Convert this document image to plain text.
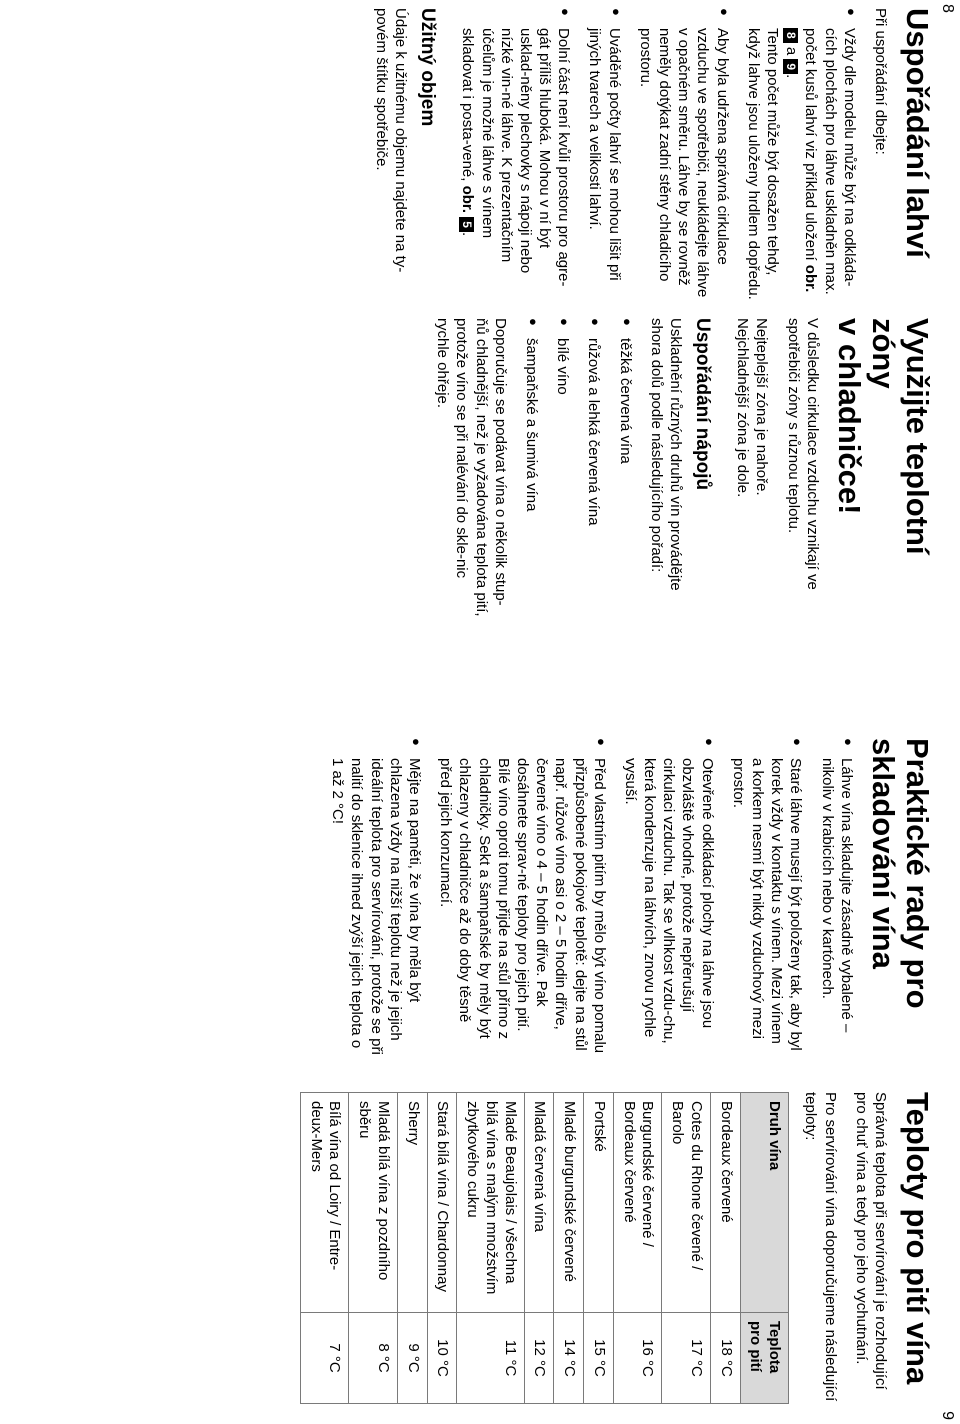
8
9
Uspořádání lahví

Při uspořádání dbejte:

● Vždy dle modelu může být na odkláda-cích plochách pro láhve uskladněn max. počet kusů lahví viz příklad uložení obr. 8 a 9.
Tento počet může být dosažen tehdy, když lahve jsou uloženy hrdlem dopředu.
● Aby byla udržena správná cirkulace vzduchu ve spotřebiči, neukládejte láhve v opačném směru. Láhve by se rovněž neměly dotýkat zadní stěny chladicího prostoru.
● Uváděné počty lahví se mohou lišit při jiných tvarech a velikosti lahví.
● Dolní část není kvůli prostoru pro agre-gát příliš hluboká. Mohou v ní být usklad-něny plechovky s nápoji nebo nízké vin-né láhve. K prezentačním účelům je možné láhve s vínem skladovat i posta-vené, obr. 5.
Užitný objem

Údaje k užitnému objemu najdete na ty-povém štítku spotřebiče.

Využijte teplotní zóny
v chladničce!

V důsledku cirkulace vzduchu vznikají ve spotřebiči zóny s různou teplotu.

Nejteplejší zóna je nahoře.
Nejchladnější zóna je dole.

Uspořádání nápojů

Uskladnění různých druhů vín provádějte shora dolů podle následujícího pořadí:

● těžká červená vína
● růžová a lehká červená vína
● bílé víno
● šampaňské a šumivá vína

Doporučuje se podávat vína o několik stup-ňů chladnější, než je vyžadována teplota pití, protože víno se při nalévání do skle-nic rychle ohřeje.

Praktické rady pro
skladování vína
● Láhve vína skladujte zásadně vybalené – nikoliv v krabicích nebo v kartónech.
● Staré láhve musejí být položeny tak, aby byl korek vždy v kontaktu s vínem. Mezi vínem a korkem nesmí být nikdy vzduchový mezi prostor.
● Otevřené odkládací plochy na láhve jsou obzvláště vhodné, protože nepřerušují cirkulaci vzduchu. Tak se vlhkost vzdu-chu, která kondenzuje na láhvích, znovu rychle vysuší.
● Před vlastním pitím by mělo být víno pomalu přizpůsobené pokojové teplotě: dejte na stůl např. růžové víno asi o 2 – 5 hodin dříve, červené víno o 4 – 5 hodin dříve. Pak dosáhnete sprav-né teploty pro jejich pití. Bílé víno oproti tomu přijde na stůl přímo z chladničky. Sekt a šampaňské by měly být chlazeny v chladničce až do doby těsně před jejich konzumací.
● Mějte na paměti, že vína by měla být chlazena vždy na nižší teplotu než je jejich ideální teplota pro servírování, protože se při nalití do sklenice ihned zvýší jejich teplota o 1 až 2 °C!
Teploty pro pití vína

Správná teplota při servírování je rozhodující pro chuť vína a tedy pro jeho vychutnání.

Pro servírování vína doporučujeme následující teploty:

Druh vína	Teplota pro pití
Bordeaux červené	18 °C
Cotes du Rhone čevené / Barolo	17 °C
Burgundské červené / Bordeaux červené	16 °C
Portské	15 °C
Mladé burgundské červené	14 °C
Mladá červená vína	12 °C
Mladé Beaujolais / všechna bílá vína s malým množstvím zbytkového cukru	11 °C
Stará bílá vína / Chardonnay	10 °C
Sherry	9 °C
Mladá bílá vína z pozdního sběru	8 °C
Bílá vína od Loiry / Entre-deux-Mers	7 °C
